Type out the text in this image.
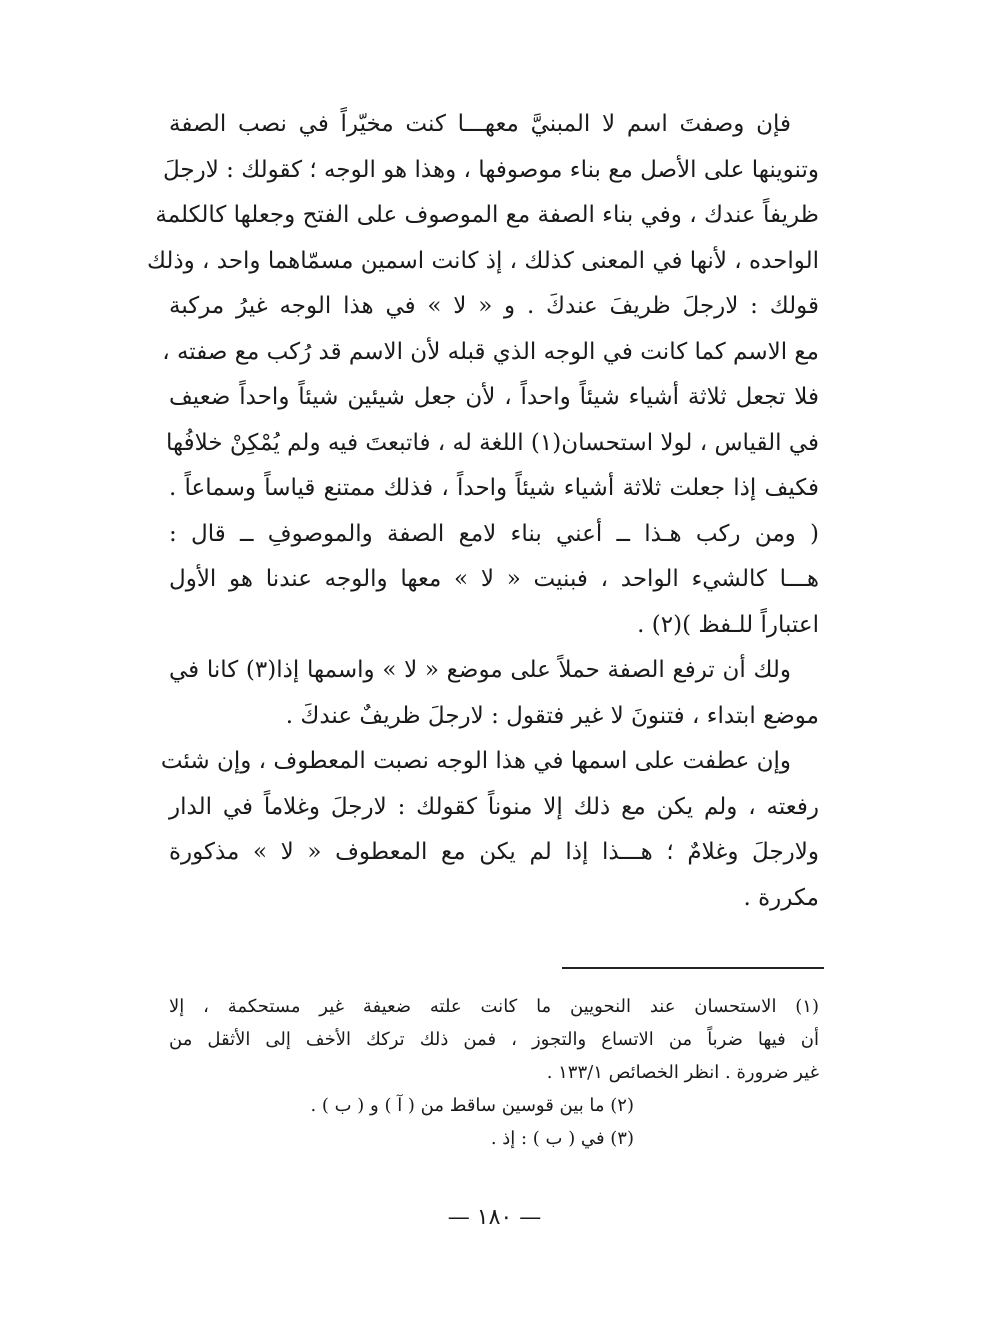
فإن وصفتَ اسم لا المبنيَّ معهـــا كنت مخيّراً في نصب الصفة
وتنوينها على الأصل مع بناء موصوفها ، وهذا هو الوجه ؛ كقولك : لارجلَ
ظريفاً عندك ، وفي بناء الصفة مع الموصوف على الفتح وجعلها كالكلمة
الواحده ، لأنها في المعنى كذلك ، إذ كانت اسمين مسمّاهما واحد ، وذلك
قولك : لارجلَ ظريفَ عندكَ . و « لا » في هذا الوجه غيرُ مركبة
مع الاسم كما كانت في الوجه الذي قبله لأن الاسم قد رُكب مع صفته ،
فلا تجعل ثلاثة أشياء شيئاً واحداً ، لأن جعل شيئين شيئاً واحداً ضعيف
في القياس ، لولا استحسان(١) اللغة له ، فاتبعتَ فيه ولم يُمْكِنْ خلافُها
فكيف إذا جعلت ثلاثة أشياء شيئاً واحداً ، فذلك ممتنع قياساً وسماعاً .
( ومن ركب هـذا ــ أعني بناء لامع الصفة والموصوفِ ــ قال :
هـــا كالشيء الواحد ، فبنيت « لا » معها والوجه عندنا هو الأول
اعتباراً للـفظ )(٢) .
ولك أن ترفع الصفة حملاً على موضع « لا » واسمها إذا(٣) كانا في
موضع ابتداء ، فتنونَ لا غير فتقول : لارجلَ ظريفٌ عندكَ .
وإن عطفت على اسمها في هذا الوجه نصبت المعطوف ، وإن شئت
رفعته ، ولم يكن مع ذلك إلا منوناً كقولك : لارجلَ وغلاماً في الدار
ولارجلَ وغلامٌ ؛ هـــذا إذا لم يكن مع المعطوف « لا » مذكورة
مكررة .
(١) الاستحسان عند النحويين ما كانت علته ضعيفة غير مستحكمة ، إلا
أن فيها ضرباً من الاتساع والتجوز ، فمن ذلك تركك الأخف إلى الأثقل من
غير ضرورة . انظر الخصائص ١٣٣/١ .
(٢) ما بين قوسين ساقط من ( آ ) و ( ب ) .
(٣) في ( ب ) : إذ .
— ١٨٠ —
